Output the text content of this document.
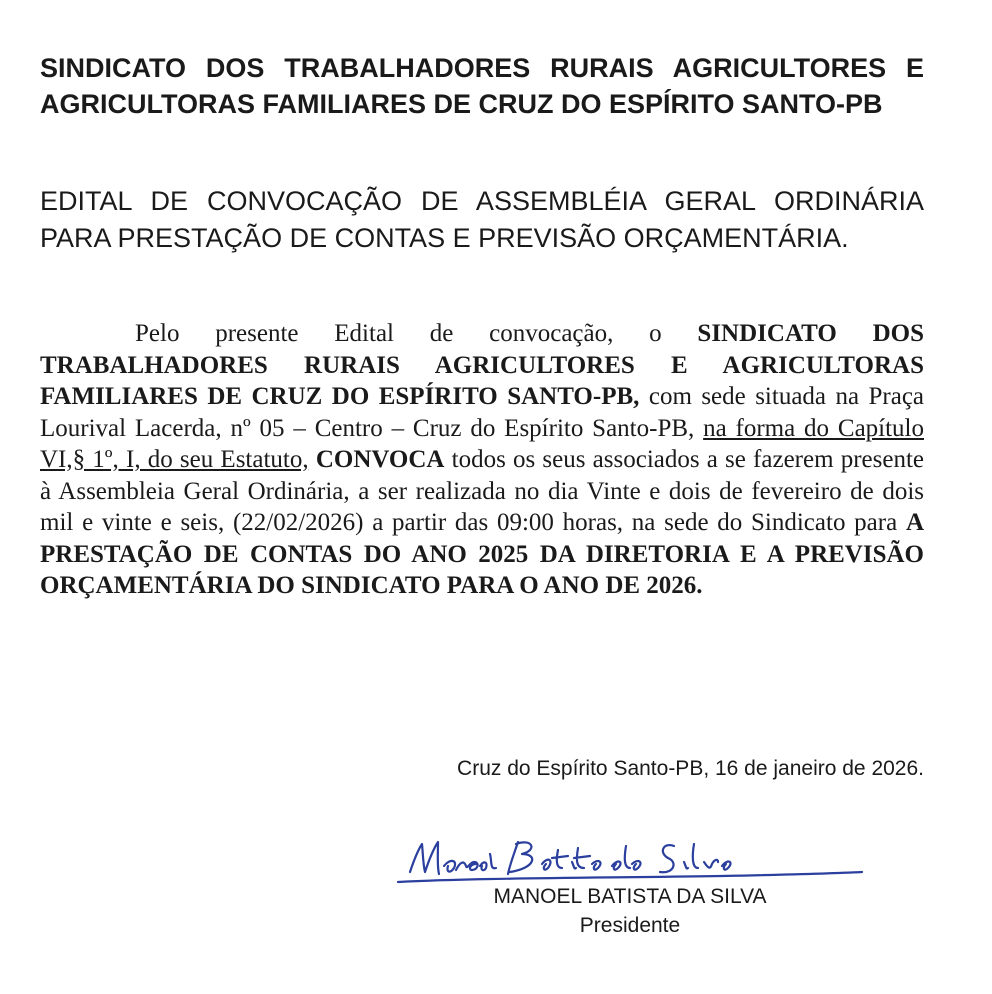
SINDICATO DOS TRABALHADORES RURAIS AGRICULTORES E AGRICULTORAS FAMILIARES DE CRUZ DO ESPÍRITO SANTO-PB

EDITAL DE CONVOCAÇÃO DE ASSEMBLÉIA GERAL ORDINÁRIA PARA PRESTAÇÃO DE CONTAS E PREVISÃO ORÇAMENTÁRIA.

Pelo presente Edital de convocação, o SINDICATO DOS TRABALHADORES RURAIS AGRICULTORES E AGRICULTORAS FAMILIARES DE CRUZ DO ESPÍRITO SANTO-PB, com sede situada na Praça Lourival Lacerda, nº 05 – Centro – Cruz do Espírito Santo-PB, na forma do Capítulo VI,§ 1º, I, do seu Estatuto, CONVOCA todos os seus associados a se fazerem presente à Assembleia Geral Ordinária, a ser realizada no dia Vinte e dois de fevereiro de dois mil e vinte e seis, (22/02/2026) a partir das 09:00 horas, na sede do Sindicato para A PRESTAÇÃO DE CONTAS DO ANO 2025 DA DIRETORIA E A PREVISÃO ORÇAMENTÁRIA DO SINDICATO PARA O ANO DE 2026.

Cruz do Espírito Santo-PB, 16 de janeiro de 2026.

MANOEL BATISTA DA SILVA

Presidente
